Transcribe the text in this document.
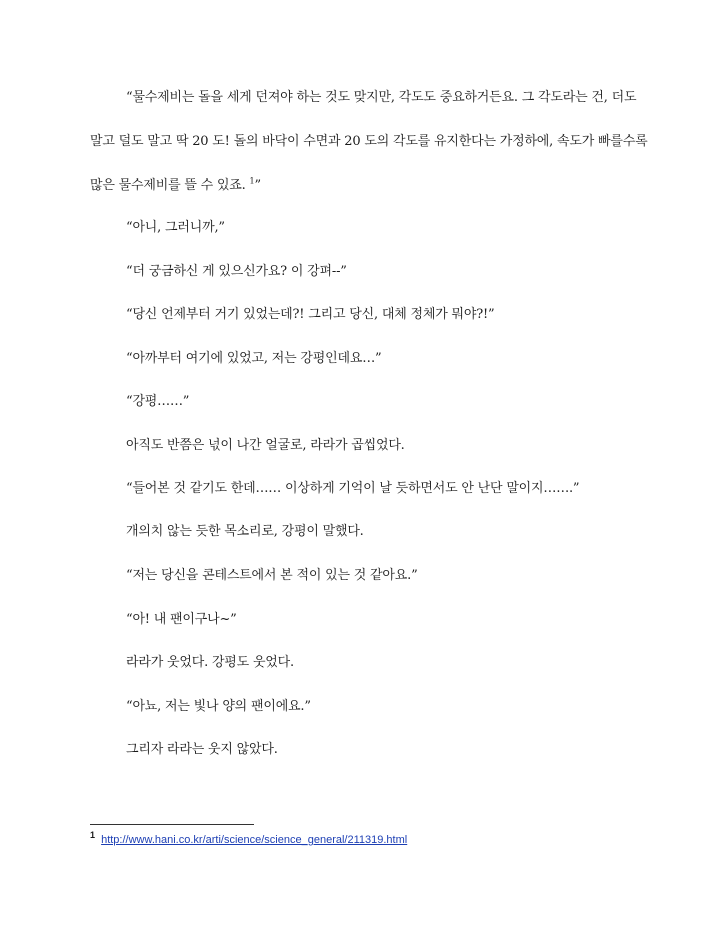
“물수제비는 돌을 세게 던져야 하는 것도 맞지만, 각도도 중요하거든요. 그 각도라는 건, 더도
말고 덜도 말고 딱 20 도! 돌의 바닥이 수면과 20 도의 각도를 유지한다는 가정하에, 속도가 빠를수록
많은 물수제비를 뜰 수 있죠. $^1$”
“아니, 그러니까,”
“더 궁금하신 게 있으신가요? 이 강펴--”
“당신 언제부터 거기 있었는데?! 그리고 당신, 대체 정체가 뭐야?!”
“아까부터 여기에 있었고, 저는 강평인데요…”
“강평……”
아직도 반쯤은 넋이 나간 얼굴로, 라라가 곱씹었다.
“들어본 것 같기도 한데…… 이상하게 기억이 날 듯하면서도 안 난단 말이지…….”
개의치 않는 듯한 목소리로, 강평이 말했다.
“저는 당신을 콘테스트에서 본 적이 있는 것 같아요.”
“아! 내 팬이구나~”
라라가 웃었다. 강평도 웃었다.
“아뇨, 저는 빛나 양의 팬이에요.”
그리자 라라는 웃지 않았다.
$^1$ http://www.hani.co.kr/arti/science/science_general/211319.html
